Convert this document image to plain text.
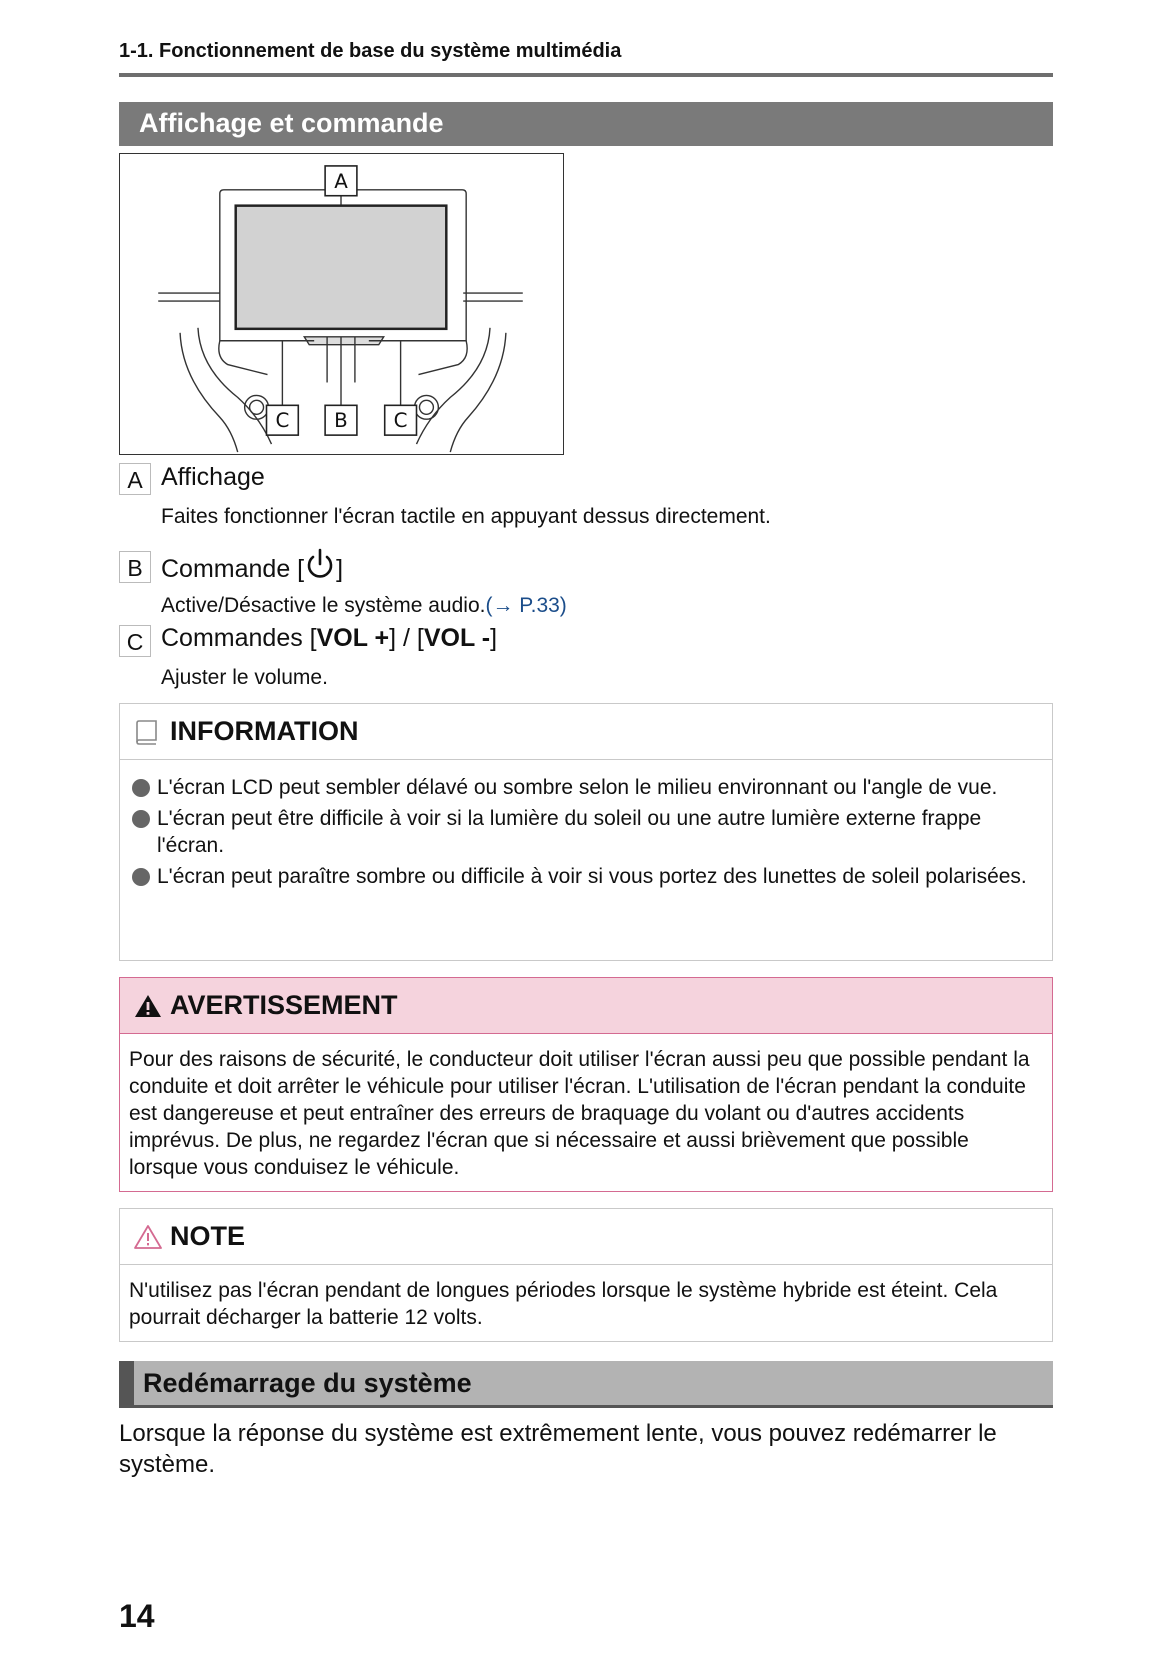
1-1. Fonctionnement de base du système multimédia
Affichage et commande
A
C B C
A Affichage
Faites fonctionner l'écran tactile en appuyant dessus directement.
B Commande [ ]
Active/Désactive le système audio.(→ P.33)
C Commandes [VOL +] / [VOL -]
Ajuster le volume.
INFORMATION
L'écran LCD peut sembler délavé ou sombre selon le milieu environnant ou l'angle de vue.
L'écran peut être difficile à voir si la lumière du soleil ou une autre lumière externe frappe l'écran.
L'écran peut paraître sombre ou difficile à voir si vous portez des lunettes de soleil polarisées.
AVERTISSEMENT
Pour des raisons de sécurité, le conducteur doit utiliser l'écran aussi peu que possible pendant la conduite et doit arrêter le véhicule pour utiliser l'écran. L'utilisation de l'écran pendant la conduite est dangereuse et peut entraîner des erreurs de braquage du volant ou d'autres accidents imprévus. De plus, ne regardez l'écran que si nécessaire et aussi brièvement que possible lorsque vous conduisez le véhicule.
NOTE
N'utilisez pas l'écran pendant de longues périodes lorsque le système hybride est éteint. Cela pourrait décharger la batterie 12 volts.
Redémarrage du système
Lorsque la réponse du système est extrêmement lente, vous pouvez redémarrer le système.
14
